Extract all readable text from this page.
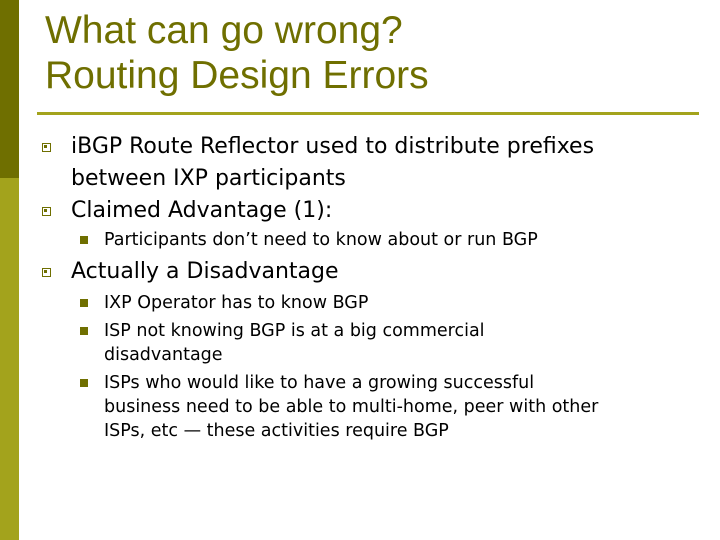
What can go wrong?
Routing Design Errors
iBGP Route Reflector used to distribute prefixes
between IXP participants
Claimed Advantage (1):
Participants don’t need to know about or run BGP
Actually a Disadvantage
IXP Operator has to know BGP
ISP not knowing BGP is at a big commercial
disadvantage
ISPs who would like to have a growing successful
business need to be able to multi-home, peer with other
ISPs, etc — these activities require BGP
